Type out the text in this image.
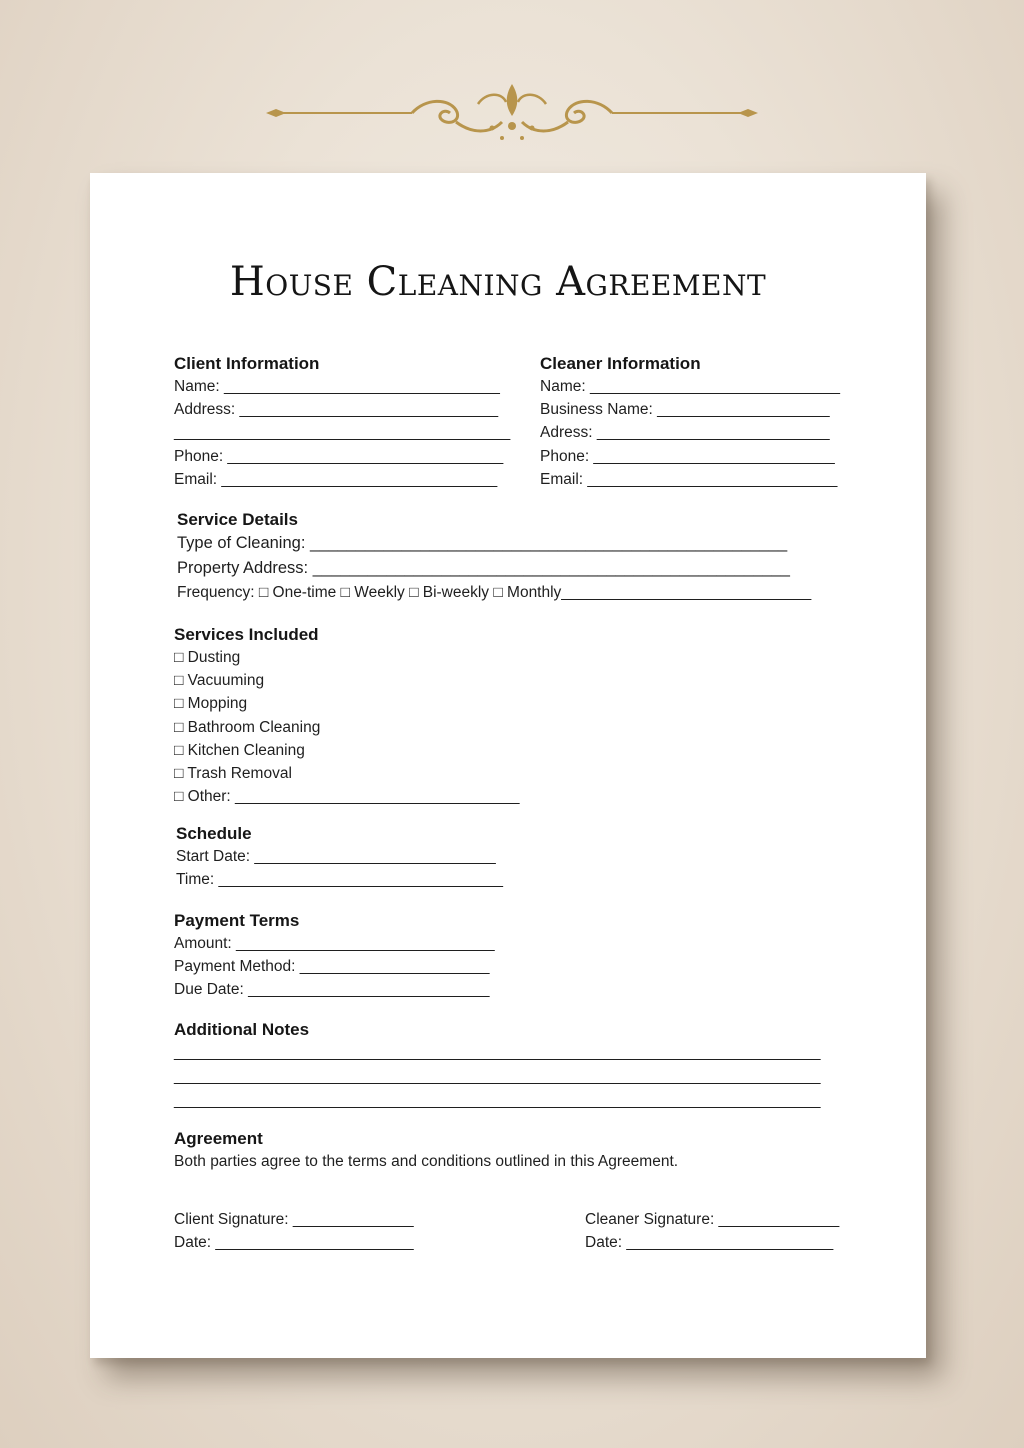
House Cleaning Agreement
Client Information
Name: ________________________________
Address: ______________________________
_______________________________________
Phone: ________________________________
Email: ________________________________
Cleaner Information
Name: _____________________________
Business Name: ____________________
Adress: ___________________________
Phone: ____________________________
Email: _____________________________
Service Details
Type of Cleaning: ____________________________________________________
Property Address: ____________________________________________________
Frequency: □ One-time □ Weekly □ Bi-weekly □ Monthly_____________________________
Services Included
□ Dusting
□ Vacuuming
□ Mopping
□ Bathroom Cleaning
□ Kitchen Cleaning
□ Trash Removal
□ Other: _________________________________
Schedule
Start Date: ____________________________
Time: _________________________________
Payment Terms
Amount: ______________________________
Payment Method: ______________________
Due Date: ____________________________
Additional Notes
___________________________________________________________________________
___________________________________________________________________________
___________________________________________________________________________
Agreement
Both parties agree to the terms and conditions outlined in this Agreement.
Client Signature: ______________
Date: _______________________
Cleaner Signature: ______________
Date: ________________________
